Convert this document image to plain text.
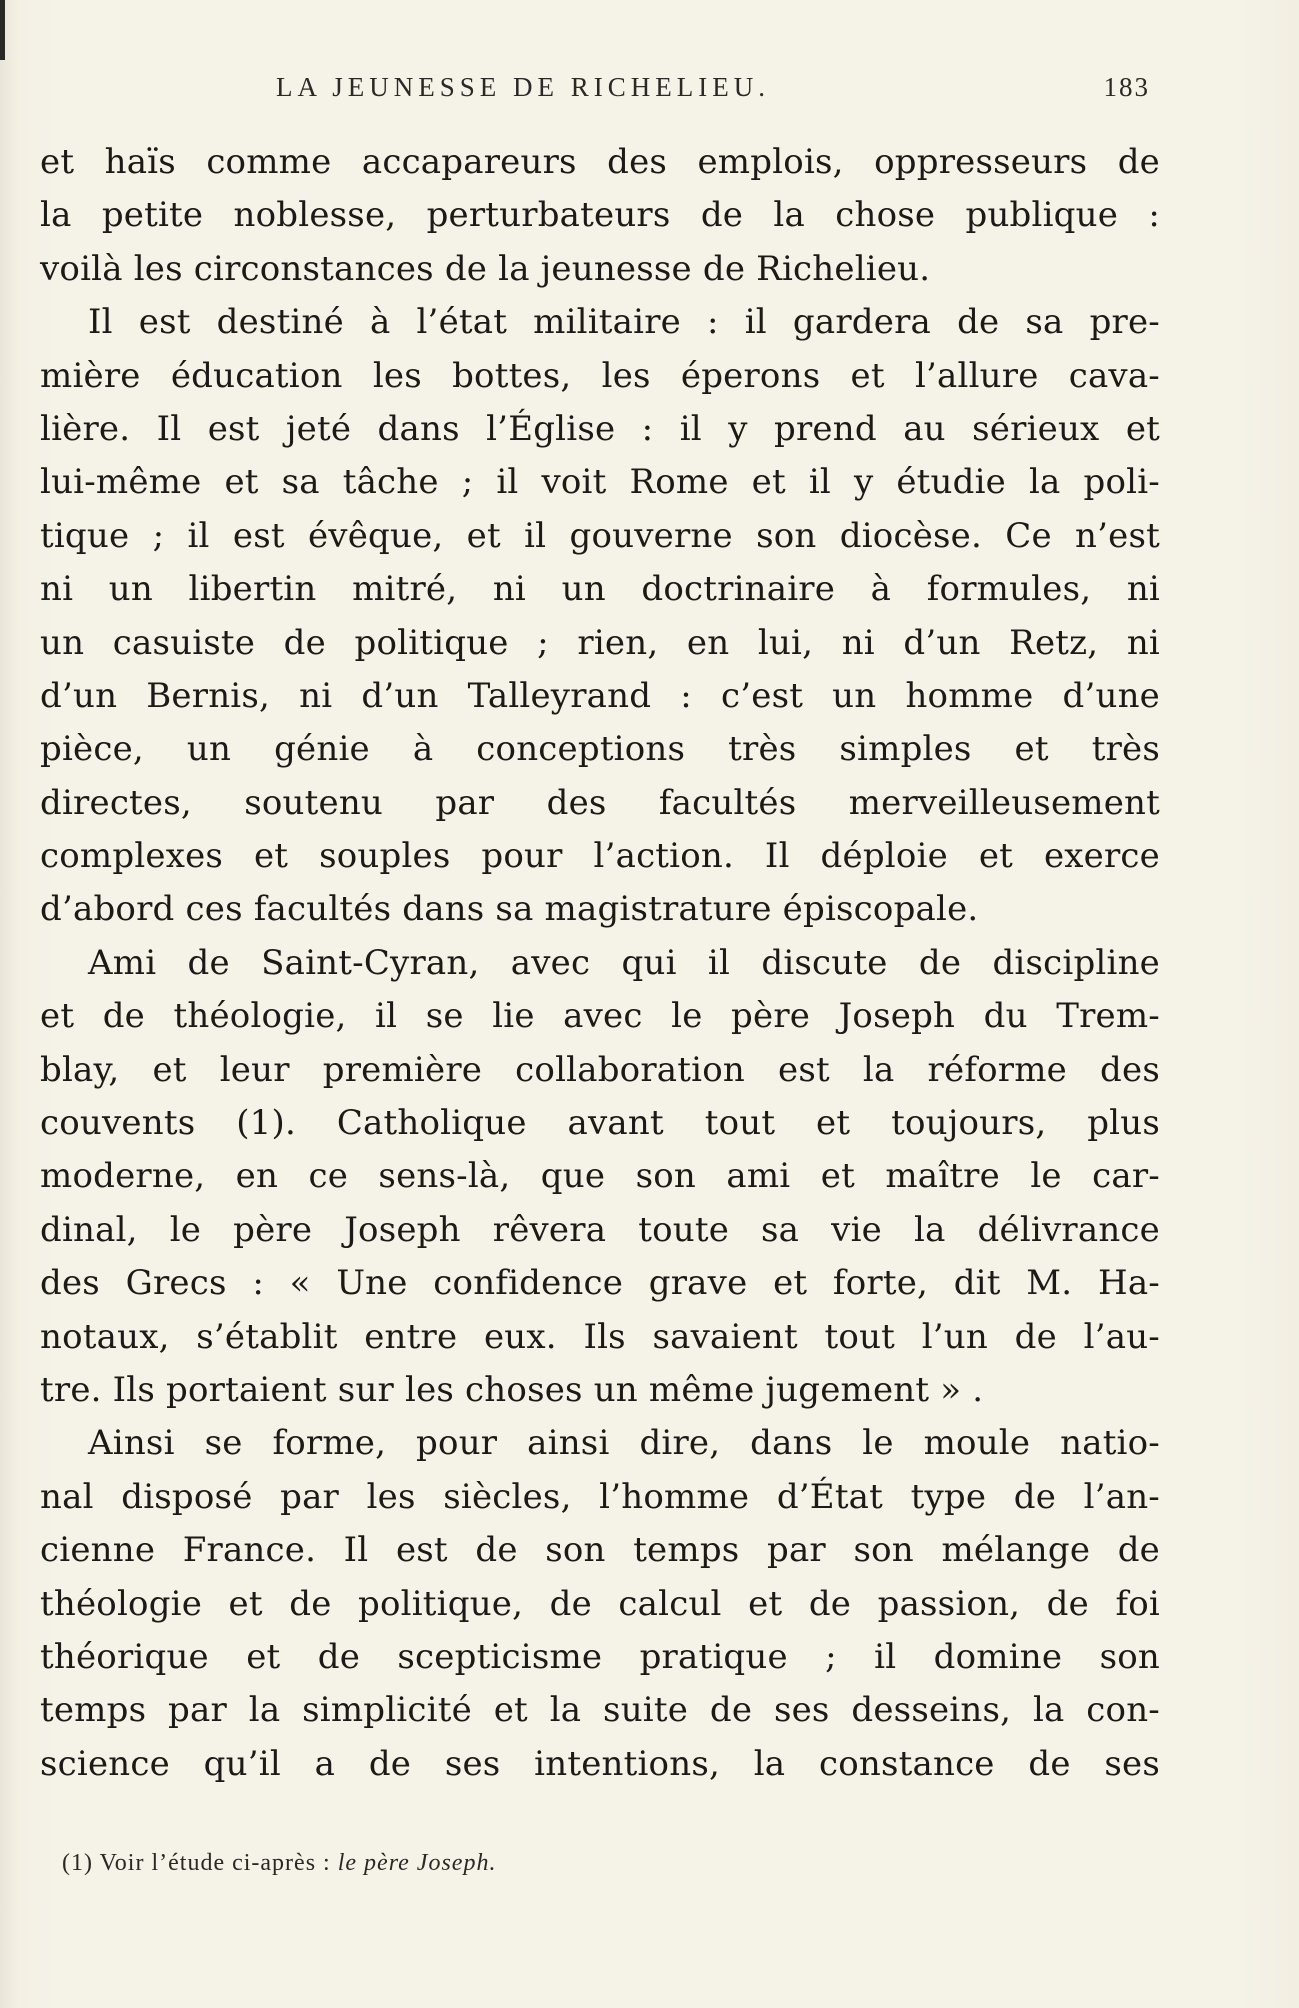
LA JEUNESSE DE RICHELIEU.	183
et haïs comme accapareurs des emplois, oppresseurs de
la petite noblesse, perturbateurs de la chose publique :
voilà les circonstances de la jeunesse de Richelieu.
Il est destiné à l’état militaire : il gardera de sa pre-
mière éducation les bottes, les éperons et l’allure cava-
lière. Il est jeté dans l’Église : il y prend au sérieux et
lui-même et sa tâche ; il voit Rome et il y étudie la poli-
tique ; il est évêque, et il gouverne son diocèse. Ce n’est
ni un libertin mitré, ni un doctrinaire à formules, ni
un casuiste de politique ; rien, en lui, ni d’un Retz, ni
d’un Bernis, ni d’un Talleyrand : c’est un homme d’une
pièce, un génie à conceptions très simples et très
directes, soutenu par des facultés merveilleusement
complexes et souples pour l’action. Il déploie et exerce
d’abord ces facultés dans sa magistrature épiscopale.
Ami de Saint-Cyran, avec qui il discute de discipline
et de théologie, il se lie avec le père Joseph du Trem-
blay, et leur première collaboration est la réforme des
couvents (1). Catholique avant tout et toujours, plus
moderne, en ce sens-là, que son ami et maître le car-
dinal, le père Joseph rêvera toute sa vie la délivrance
des Grecs : « Une confidence grave et forte, dit M. Ha-
notaux, s’établit entre eux. Ils savaient tout l’un de l’au-
tre. Ils portaient sur les choses un même jugement » .
Ainsi se forme, pour ainsi dire, dans le moule natio-
nal disposé par les siècles, l’homme d’État type de l’an-
cienne France. Il est de son temps par son mélange de
théologie et de politique, de calcul et de passion, de foi
théorique et de scepticisme pratique ; il domine son
temps par la simplicité et la suite de ses desseins, la con-
science qu’il a de ses intentions, la constance de ses
(1) Voir l’étude ci-après : le père Joseph.
